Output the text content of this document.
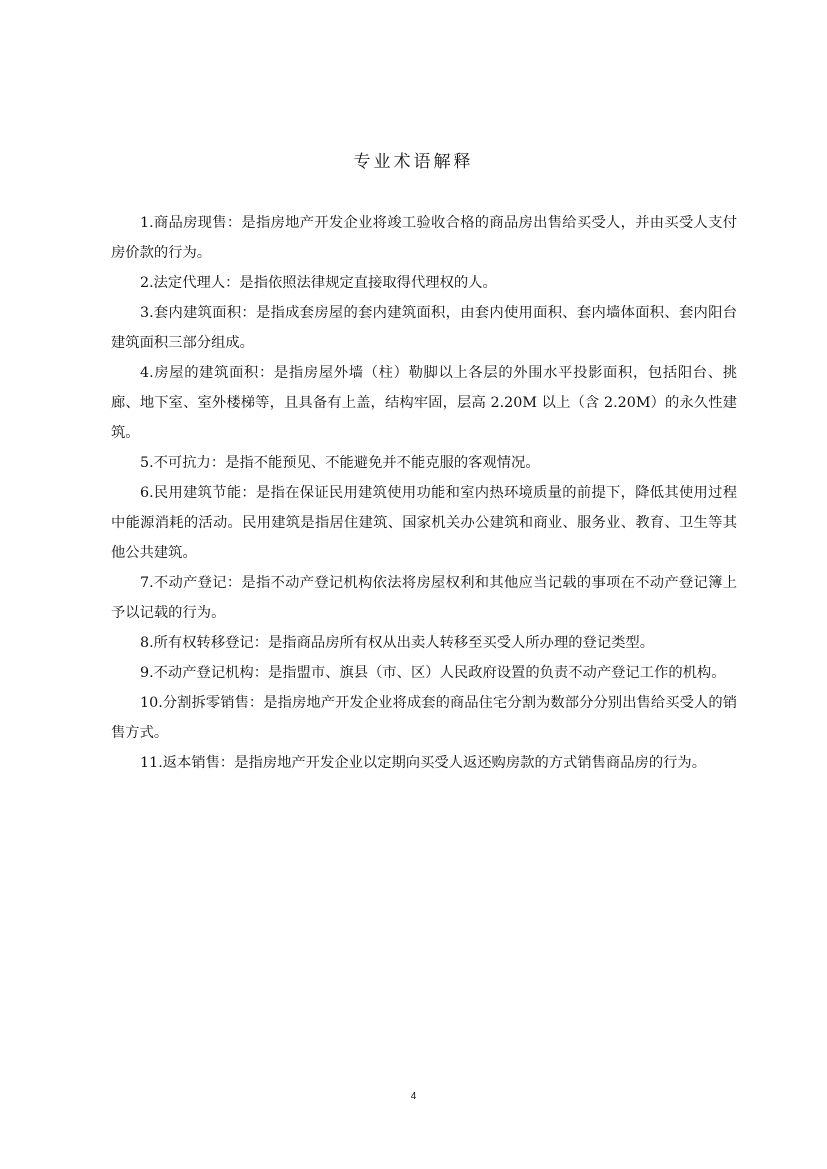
专业术语解释

1.商品房现售：是指房地产开发企业将竣工验收合格的商品房出售给买受人，并由买受人支付房价款的行为。

2.法定代理人：是指依照法律规定直接取得代理权的人。

3.套内建筑面积：是指成套房屋的套内建筑面积，由套内使用面积、套内墙体面积、套内阳台建筑面积三部分组成。

4.房屋的建筑面积：是指房屋外墙（柱）勒脚以上各层的外围水平投影面积，包括阳台、挑廊、地下室、室外楼梯等，且具备有上盖，结构牢固，层高 2.20M 以上（含 2.20M）的永久性建筑。

5.不可抗力：是指不能预见、不能避免并不能克服的客观情况。

6.民用建筑节能：是指在保证民用建筑使用功能和室内热环境质量的前提下，降低其使用过程中能源消耗的活动。民用建筑是指居住建筑、国家机关办公建筑和商业、服务业、教育、卫生等其他公共建筑。

7.不动产登记：是指不动产登记机构依法将房屋权利和其他应当记载的事项在不动产登记簿上予以记载的行为。

8.所有权转移登记：是指商品房所有权从出卖人转移至买受人所办理的登记类型。

9.不动产登记机构：是指盟市、旗县（市、区）人民政府设置的负责不动产登记工作的机构。

10.分割拆零销售：是指房地产开发企业将成套的商品住宅分割为数部分分别出售给买受人的销售方式。

11.返本销售：是指房地产开发企业以定期向买受人返还购房款的方式销售商品房的行为。

4
